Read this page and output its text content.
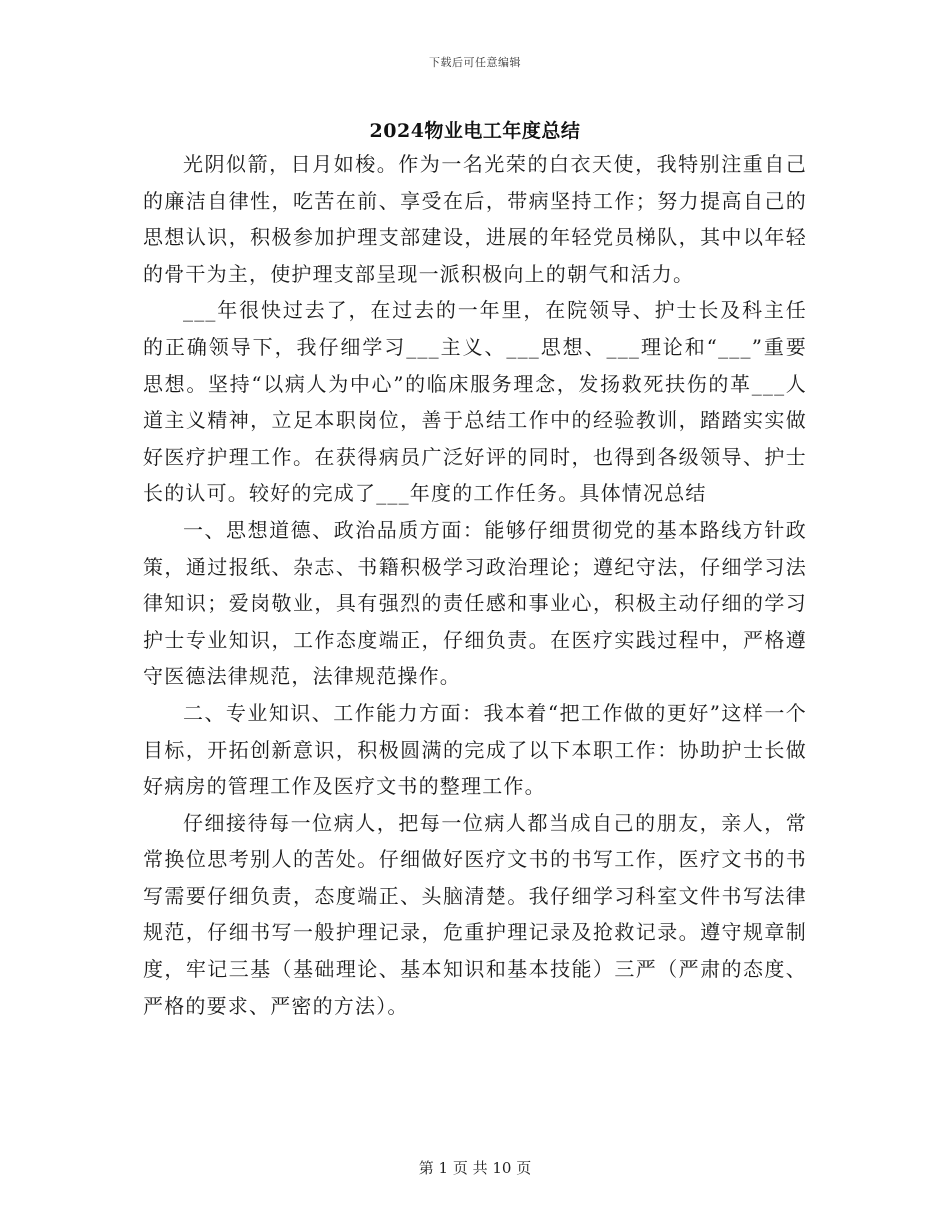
下载后可任意编辑
2024物业电工年度总结

光阴似箭，日月如梭。作为一名光荣的白衣天使，我特别注重自己的廉洁自律性，吃苦在前、享受在后，带病坚持工作；努力提高自己的思想认识，积极参加护理支部建设，进展的年轻党员梯队，其中以年轻的骨干为主，使护理支部呈现一派积极向上的朝气和活力。

___年很快过去了，在过去的一年里，在院领导、护士长及科主任的正确领导下，我仔细学习___主义、___思想、___理论和“___”重要思想。坚持“以病人为中心”的临床服务理念，发扬救死扶伤的革___人道主义精神，立足本职岗位，善于总结工作中的经验教训，踏踏实实做好医疗护理工作。在获得病员广泛好评的同时，也得到各级领导、护士长的认可。较好的完成了___年度的工作任务。具体情况总结

一、思想道德、政治品质方面：能够仔细贯彻党的基本路线方针政策，通过报纸、杂志、书籍积极学习政治理论；遵纪守法，仔细学习法律知识；爱岗敬业，具有强烈的责任感和事业心，积极主动仔细的学习护士专业知识，工作态度端正，仔细负责。在医疗实践过程中，严格遵守医德法律规范，法律规范操作。

二、专业知识、工作能力方面：我本着“把工作做的更好”这样一个目标，开拓创新意识，积极圆满的完成了以下本职工作：协助护士长做好病房的管理工作及医疗文书的整理工作。

仔细接待每一位病人，把每一位病人都当成自己的朋友，亲人，常常换位思考别人的苦处。仔细做好医疗文书的书写工作，医疗文书的书写需要仔细负责，态度端正、头脑清楚。我仔细学习科室文件书写法律规范，仔细书写一般护理记录，危重护理记录及抢救记录。遵守规章制度，牢记三基（基础理论、基本知识和基本技能）三严（严肃的态度、严格的要求、严密的方法）。

第 1 页 共 10 页
